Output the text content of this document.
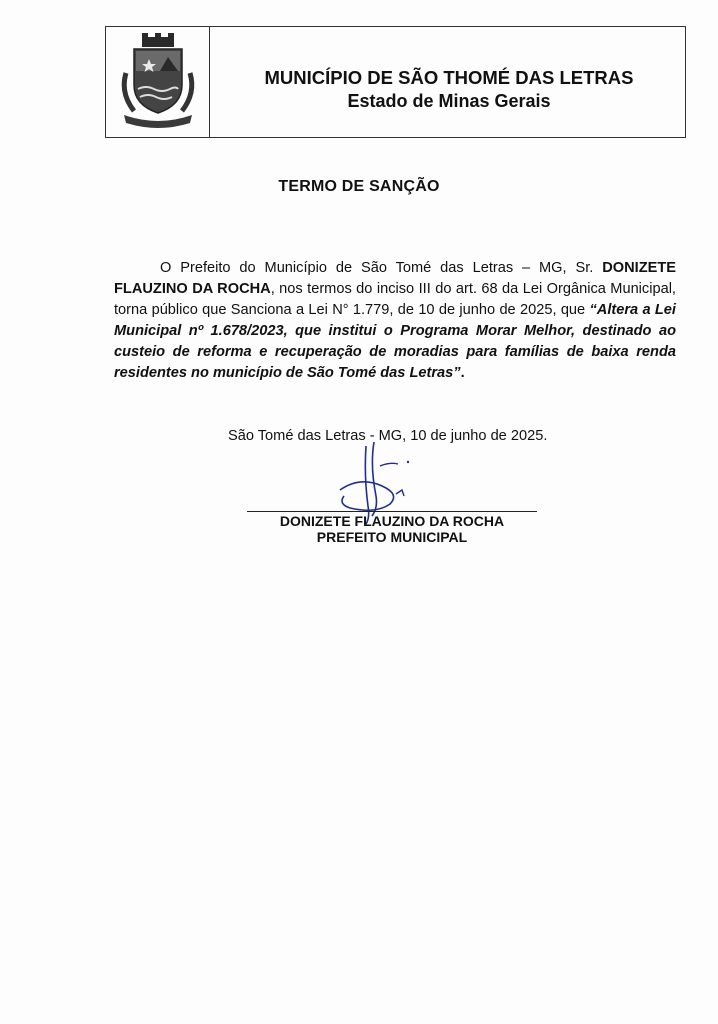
MUNICÍPIO DE SÃO THOMÉ DAS LETRAS
Estado de Minas Gerais
TERMO DE SANÇÃO
O Prefeito do Município de São Tomé das Letras – MG, Sr. DONIZETE FLAUZINO DA ROCHA, nos termos do inciso III do art. 68 da Lei Orgânica Municipal, torna público que Sanciona a Lei N° 1.779, de 10 de junho de 2025, que “Altera a Lei Municipal nº 1.678/2023, que institui o Programa Morar Melhor, destinado ao custeio de reforma e recuperação de moradias para famílias de baixa renda residentes no município de São Tomé das Letras”.
São Tomé das Letras - MG, 10 de junho de 2025.
DONIZETE FLAUZINO DA ROCHA
PREFEITO MUNICIPAL
